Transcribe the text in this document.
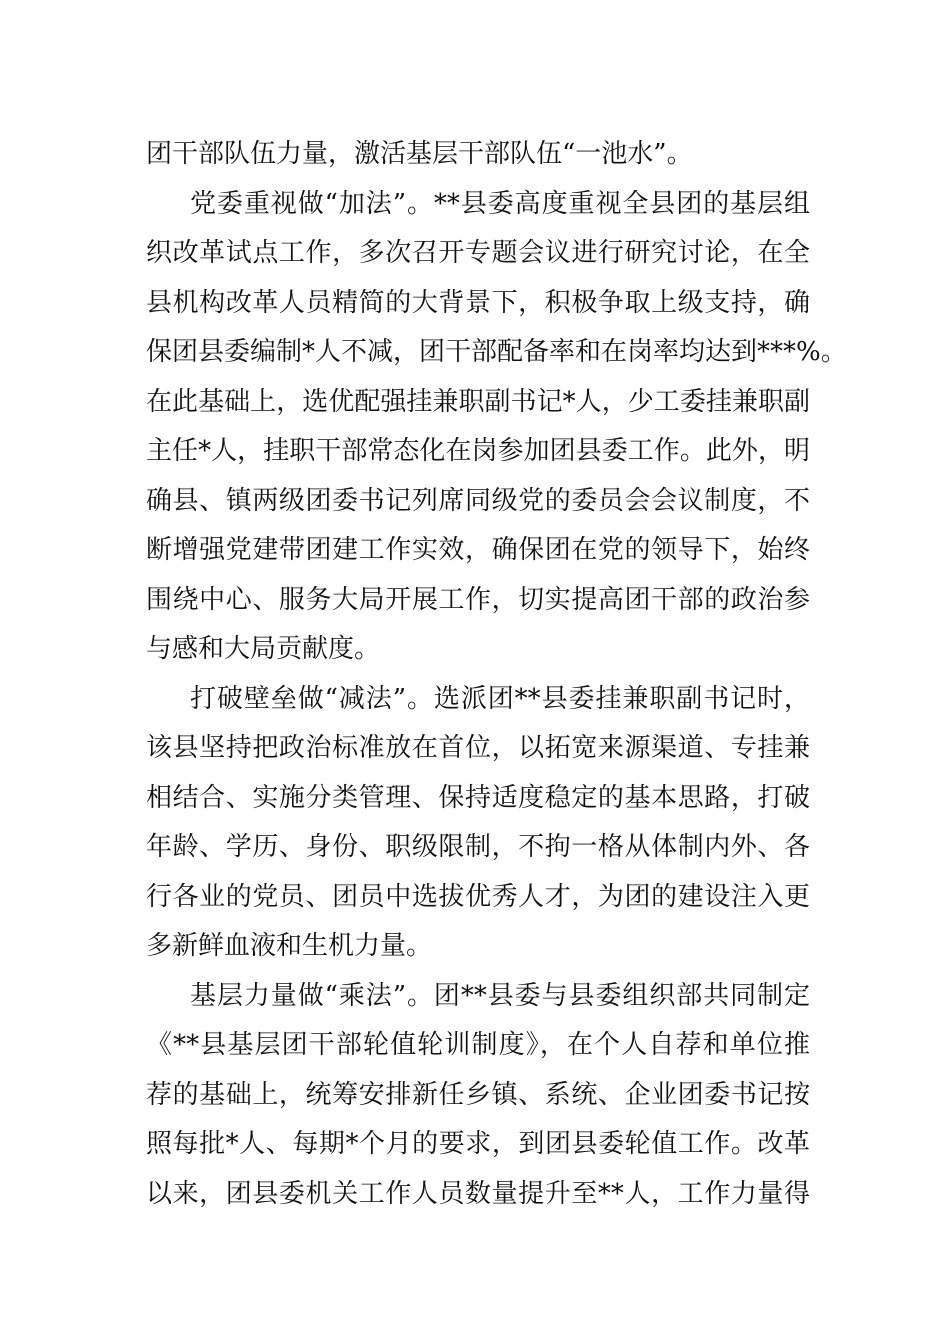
团干部队伍力量，激活基层干部队伍“一池水”。
党委重视做“加法”。**县委高度重视全县团的基层组
织改革试点工作，多次召开专题会议进行研究讨论，在全
县机构改革人员精简的大背景下，积极争取上级支持，确
保团县委编制*人不减，团干部配备率和在岗率均达到***%。
在此基础上，选优配强挂兼职副书记*人，少工委挂兼职副
主任*人，挂职干部常态化在岗参加团县委工作。此外，明
确县、镇两级团委书记列席同级党的委员会会议制度，不
断增强党建带团建工作实效，确保团在党的领导下，始终
围绕中心、服务大局开展工作，切实提高团干部的政治参
与感和大局贡献度。
打破壁垒做“减法”。选派团**县委挂兼职副书记时，
该县坚持把政治标准放在首位，以拓宽来源渠道、专挂兼
相结合、实施分类管理、保持适度稳定的基本思路，打破
年龄、学历、身份、职级限制，不拘一格从体制内外、各
行各业的党员、团员中选拔优秀人才，为团的建设注入更
多新鲜血液和生机力量。
基层力量做“乘法”。团**县委与县委组织部共同制定
《**县基层团干部轮值轮训制度》，在个人自荐和单位推
荐的基础上，统筹安排新任乡镇、系统、企业团委书记按
照每批*人、每期*个月的要求，到团县委轮值工作。改革
以来，团县委机关工作人员数量提升至**人，工作力量得
